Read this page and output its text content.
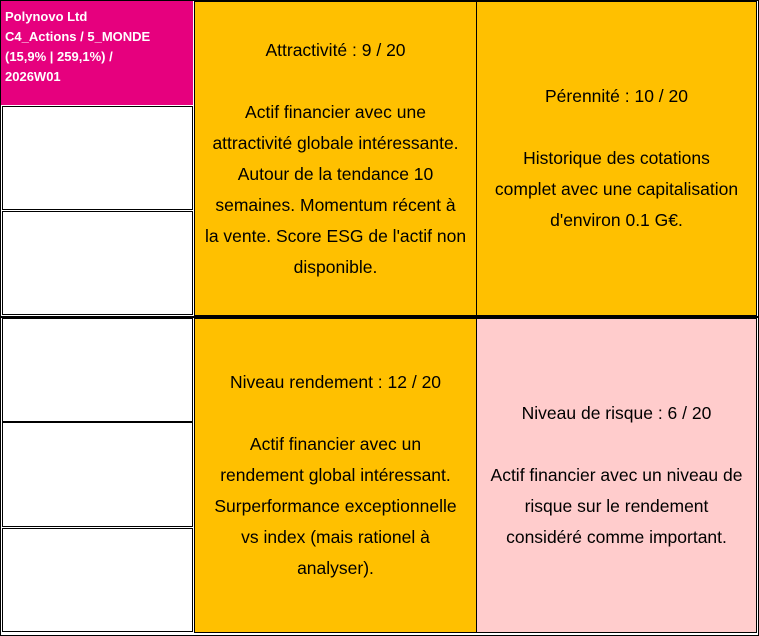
Polynovo Ltd
C4_Actions / 5_MONDE
(15,9% | 259,1%) /
2026W01
Attractivité : 9 / 20
Actif financier avec une
attractivité globale intéressante.
Autour de la tendance 10
semaines. Momentum récent à
la vente. Score ESG de l'actif non
disponible.
Pérennité : 10 / 20
Historique des cotations
complet avec une capitalisation
d'environ 0.1 G€.
Niveau rendement : 12 / 20
Actif financier avec un
rendement global intéressant.
Surperformance exceptionnelle
vs index (mais rationel à
analyser).
Niveau de risque : 6 / 20
Actif financier avec un niveau de
risque sur le rendement
considéré comme important.
